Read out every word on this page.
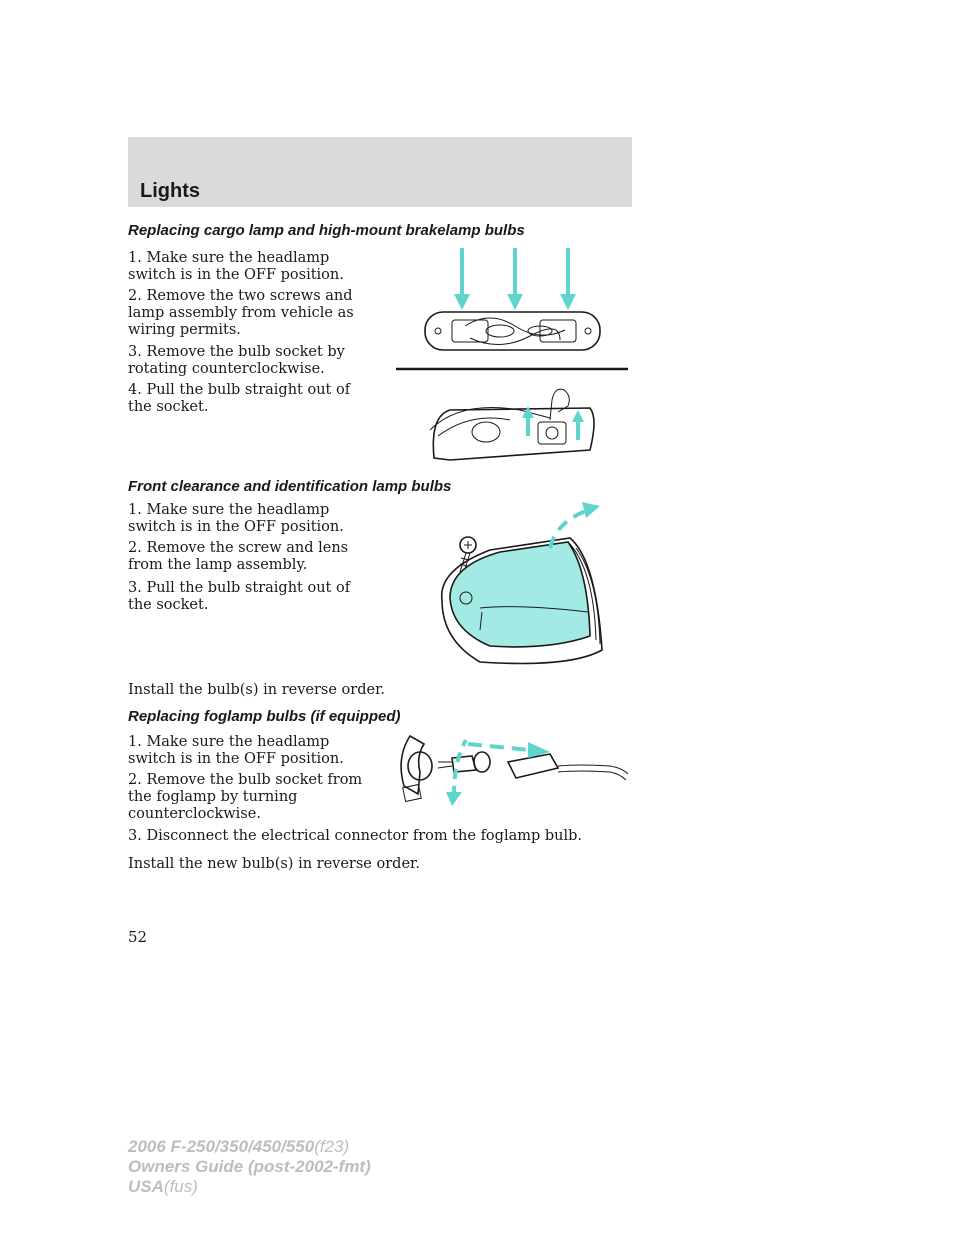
Lights
Replacing cargo lamp and high-mount brakelamp bulbs

1. Make sure the headlamp switch is in the OFF position.

2. Remove the two screws and lamp assembly from vehicle as wiring permits.

3. Remove the bulb socket by rotating counterclockwise.

4. Pull the bulb straight out of the socket.

Front clearance and identification lamp bulbs

1. Make sure the headlamp switch is in the OFF position.

2. Remove the screw and lens from the lamp assembly.

3. Pull the bulb straight out of the socket.

Install the bulb(s) in reverse order.

Replacing foglamp bulbs (if equipped)

1. Make sure the headlamp switch is in the OFF position.

2. Remove the bulb socket from the foglamp by turning counterclockwise.

3. Disconnect the electrical connector from the foglamp bulb.

Install the new bulb(s) in reverse order.

52
2006 F-250/350/450/550(f23)
Owners Guide (post-2002-fmt)
USA(fus)
